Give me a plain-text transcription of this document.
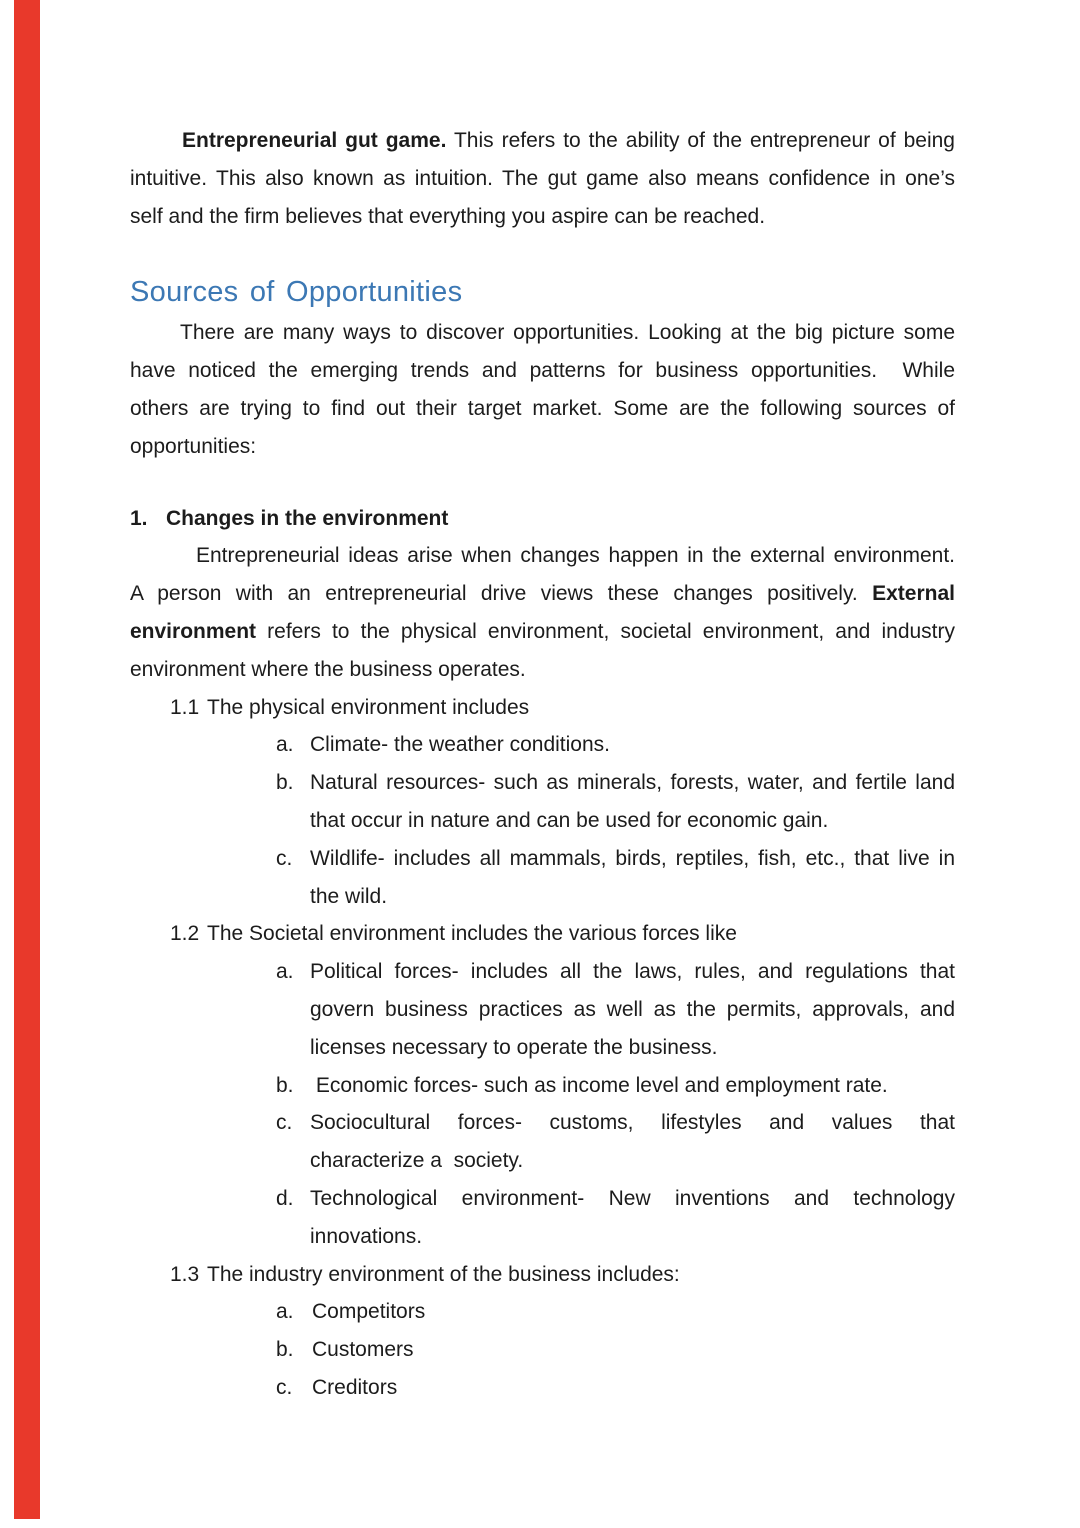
Entrepreneurial gut game. This refers to the ability of the entrepreneur of being
intuitive. This also known as intuition. The gut game also means confidence in one’s
self and the firm believes that everything you aspire can be reached.
Sources of Opportunities
There are many ways to discover opportunities. Looking at the big picture some
have noticed the emerging trends and patterns for business opportunities.  While
others are trying to find out their target market. Some are the following sources of
opportunities:
1. Changes in the environment
Entrepreneurial ideas arise when changes happen in the external environment.
A person with an entrepreneurial drive views these changes positively. External
environment refers to the physical environment, societal environment, and industry
environment where the business operates.
1.1 The physical environment includes
a. Climate- the weather conditions.
b. Natural resources- such as minerals, forests, water, and fertile land
that occur in nature and can be used for economic gain.
c. Wildlife- includes all mammals, birds, reptiles, fish, etc., that live in
the wild.
1.2 The Societal environment includes the various forces like
a. Political forces- includes all the laws, rules, and regulations that
govern business practices as well as the permits, approvals, and
licenses necessary to operate the business.
b. Economic forces- such as income level and employment rate.
c. Sociocultural forces- customs, lifestyles and values that
characterize a  society.
d. Technological environment- New inventions and technology
innovations.
1.3 The industry environment of the business includes:
a. Competitors
b. Customers
c. Creditors
